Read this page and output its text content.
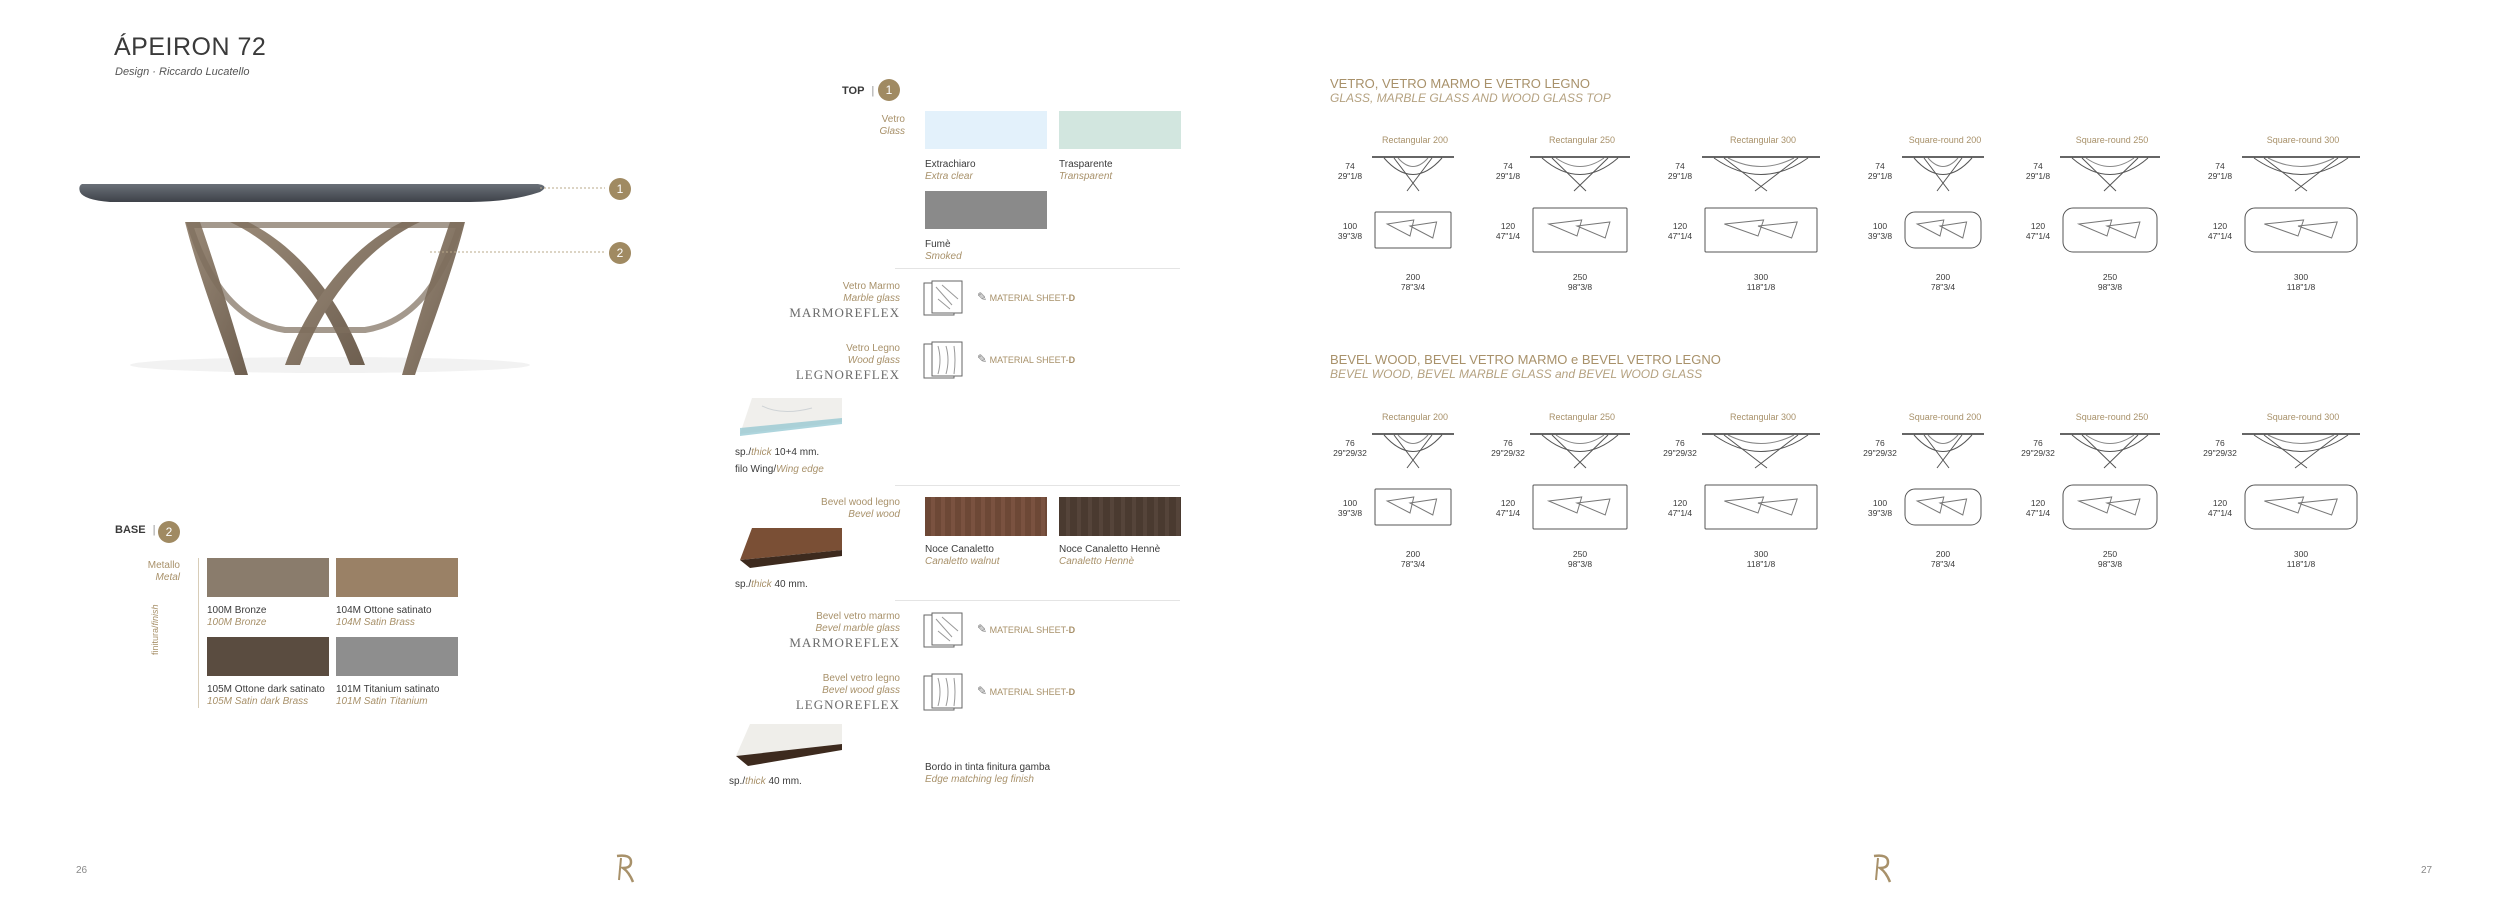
ÁPEIRON 72
Design · Riccardo Lucatello
1
2
BASE | 2
Metallo
Metal
finitura/finish	100M Bronze
100M Bronze
104M Ottone satinato
104M Satin Brass
105M Ottone dark satinato
105M Satin dark Brass
101M Titanium satinato
101M Satin Titanium
TOP | 1
Vetro
Glass
Extrachiaro
Extra clear
Trasparente
Transparent
Fumè
Smoked
Vetro Marmo
Marble glass
MARMOREFLEX
✎ MATERIAL SHEET-D
Vetro Legno
Wood glass
LEGNOREFLEX
✎ MATERIAL SHEET-D
sp./thick 10+4 mm.
filo Wing/Wing edge
Bevel wood legno
Bevel wood
Noce Canaletto
Canaletto walnut
Noce Canaletto Hennè
Canaletto Hennè
sp./thick 40 mm.
Bevel vetro marmo
Bevel marble glass
MARMOREFLEX
✎ MATERIAL SHEET-D
Bevel vetro legno
Bevel wood glass
LEGNOREFLEX
✎ MATERIAL SHEET-D
sp./thick 40 mm.
Bordo in tinta finitura gamba
Edge matching leg finish
26
VETRO, VETRO MARMO E VETRO LEGNO
GLASS, MARBLE GLASS AND WOOD GLASS TOP
BEVEL WOOD, BEVEL VETRO MARMO e BEVEL VETRO LEGNO
BEVEL WOOD, BEVEL MARBLE GLASS and BEVEL WOOD GLASS
Rectangular 200
74
29"1/8
100
39"3/8
200
78"3/4
Rectangular 250
74
29"1/8
120
47"1/4
250
98"3/8
Rectangular 300
74
29"1/8
120
47"1/4
300
118"1/8
Square-round 200
74
29"1/8
100
39"3/8
200
78"3/4
Square-round 250
74
29"1/8
120
47"1/4
250
98"3/8
Square-round 300
74
29"1/8
120
47"1/4
300
118"1/8
Rectangular 200
76
29"29/32
100
39"3/8
200
78"3/4
Rectangular 250
76
29"29/32
120
47"1/4
250
98"3/8
Rectangular 300
76
29"29/32
120
47"1/4
300
118"1/8
Square-round 200
76
29"29/32
100
39"3/8
200
78"3/4
Square-round 250
76
29"29/32
120
47"1/4
250
98"3/8
Square-round 300
76
29"29/32
120
47"1/4
300
118"1/8
27
